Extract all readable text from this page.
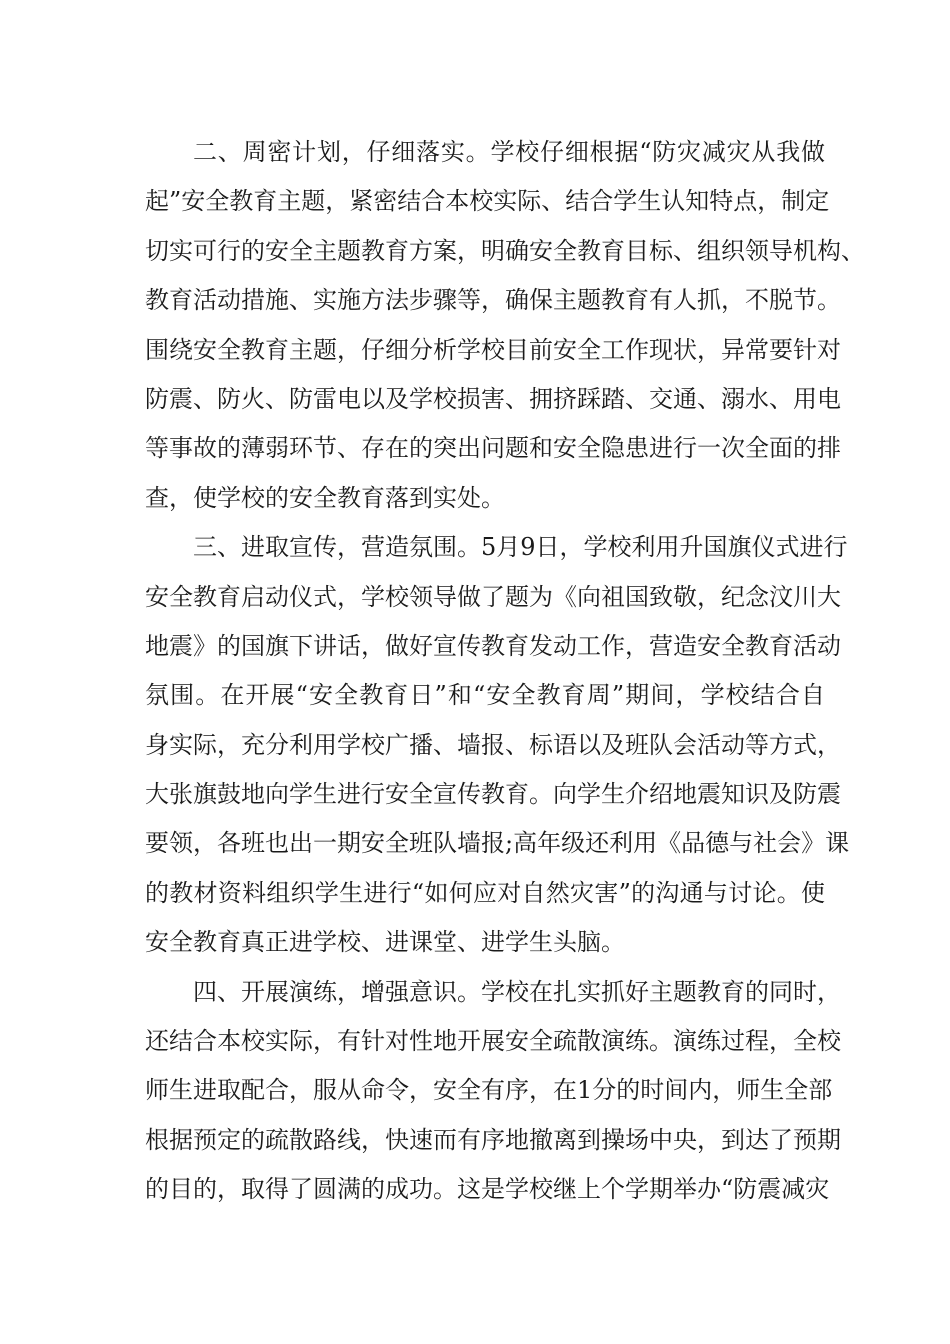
二、周密计划，仔细落实。学校仔细根据“防灾减灾从我做
起”安全教育主题，紧密结合本校实际、结合学生认知特点，制定
切实可行的安全主题教育方案，明确安全教育目标、组织领导机构、
教育活动措施、实施方法步骤等，确保主题教育有人抓，不脱节。
围绕安全教育主题，仔细分析学校目前安全工作现状，异常要针对
防震、防火、防雷电以及学校损害、拥挤踩踏、交通、溺水、用电
等事故的薄弱环节、存在的突出问题和安全隐患进行一次全面的排
查，使学校的安全教育落到实处。
三、进取宣传，营造氛围。5月9日，学校利用升国旗仪式进行
安全教育启动仪式，学校领导做了题为《向祖国致敬，纪念汶川大
地震》的国旗下讲话，做好宣传教育发动工作，营造安全教育活动
氛围。在开展“安全教育日”和“安全教育周”期间，学校结合自
身实际，充分利用学校广播、墙报、标语以及班队会活动等方式，
大张旗鼓地向学生进行安全宣传教育。向学生介绍地震知识及防震
要领，各班也出一期安全班队墙报;高年级还利用《品德与社会》课
的教材资料组织学生进行“如何应对自然灾害”的沟通与讨论。使
安全教育真正进学校、进课堂、进学生头脑。
四、开展演练，增强意识。学校在扎实抓好主题教育的同时，
还结合本校实际，有针对性地开展安全疏散演练。演练过程，全校
师生进取配合，服从命令，安全有序，在1分的时间内，师生全部
根据预定的疏散路线，快速而有序地撤离到操场中央，到达了预期
的目的，取得了圆满的成功。这是学校继上个学期举办“防震减灾
